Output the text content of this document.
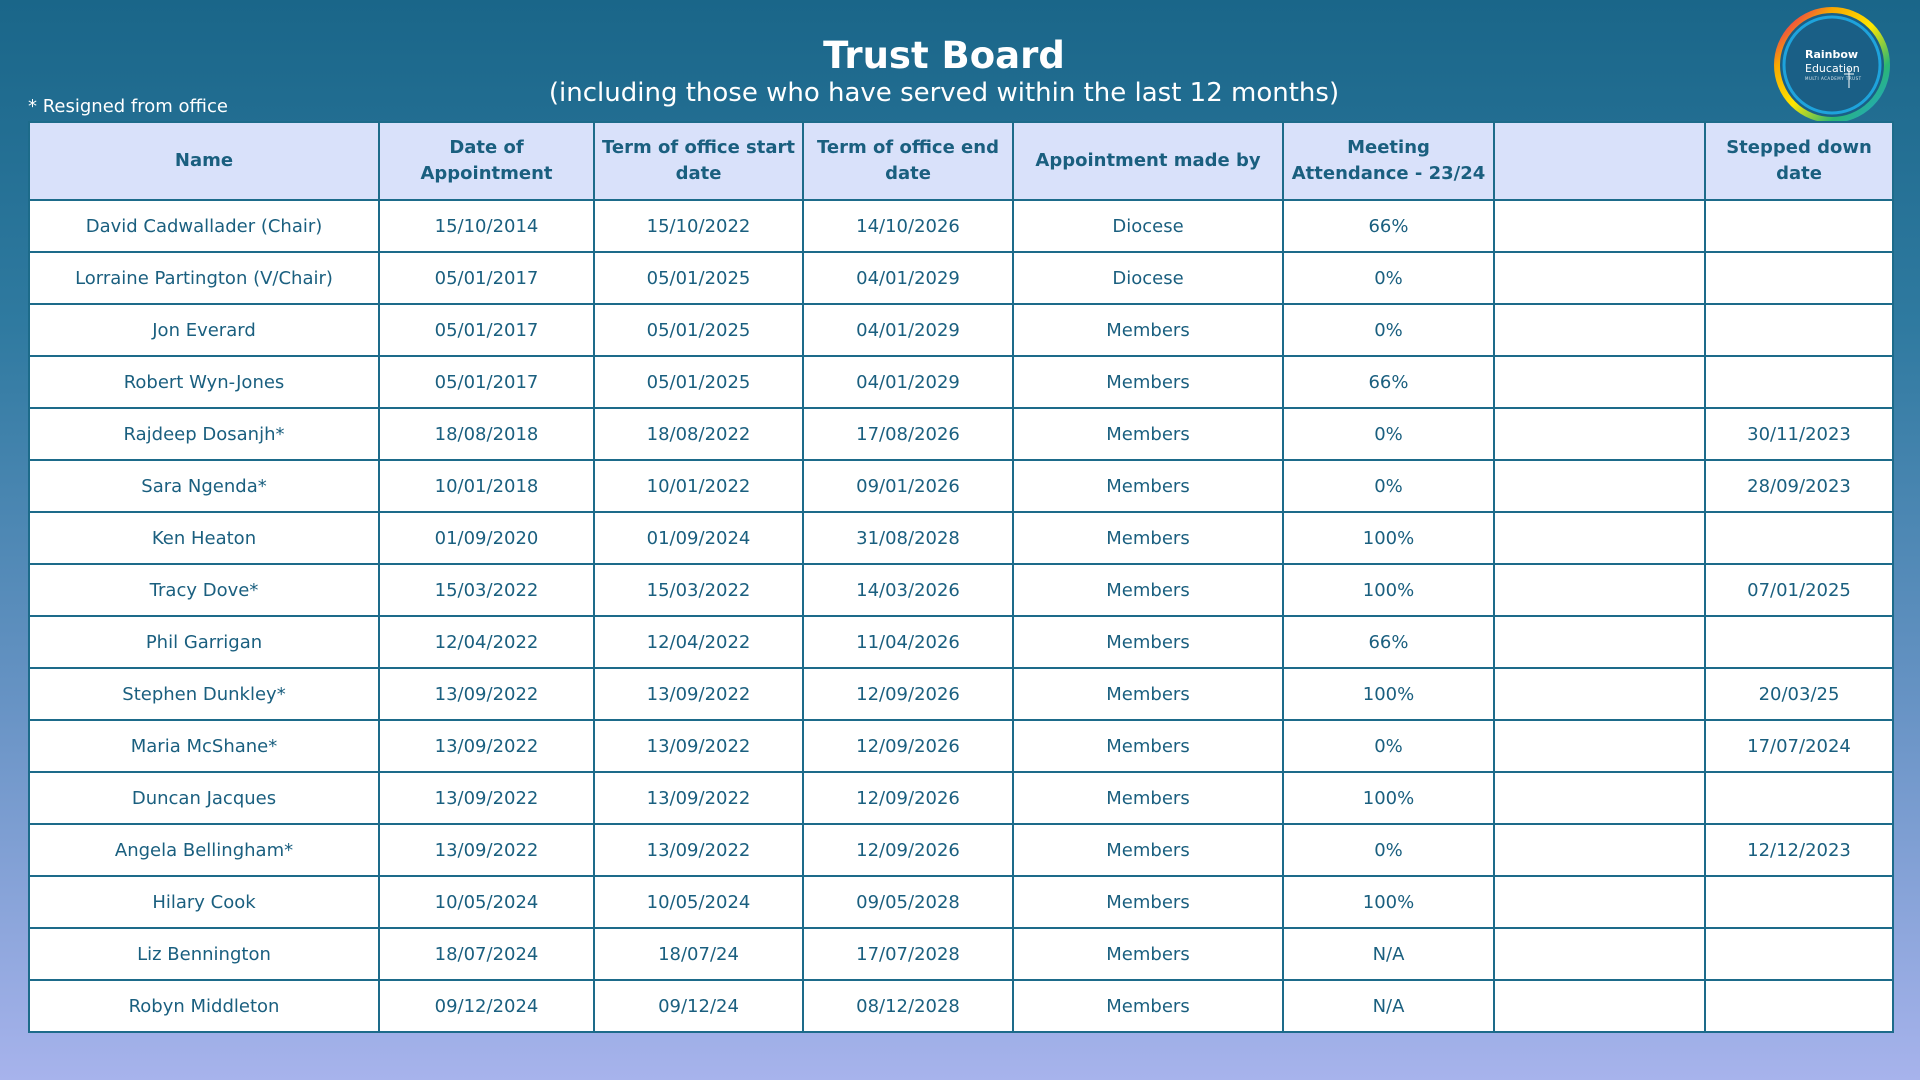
Trust Board
(including those who have served within the last 12 months)
* Resigned from office
Rainbow
Education
MULTI ACADEMY TRUST
Name	Date of Appointment	Term of office start date	Term of office end date	Appointment made by	Meeting Attendance - 23/24		Stepped down date
David Cadwallader (Chair)	15/10/2014	15/10/2022	14/10/2026	Diocese	66%		
Lorraine Partington (V/Chair)	05/01/2017	05/01/2025	04/01/2029	Diocese	0%		
Jon Everard	05/01/2017	05/01/2025	04/01/2029	Members	0%		
Robert Wyn-Jones	05/01/2017	05/01/2025	04/01/2029	Members	66%		
Rajdeep Dosanjh*	18/08/2018	18/08/2022	17/08/2026	Members	0%		30/11/2023
Sara Ngenda*	10/01/2018	10/01/2022	09/01/2026	Members	0%		28/09/2023
Ken Heaton	01/09/2020	01/09/2024	31/08/2028	Members	100%		
Tracy Dove*	15/03/2022	15/03/2022	14/03/2026	Members	100%		07/01/2025
Phil Garrigan	12/04/2022	12/04/2022	11/04/2026	Members	66%		
Stephen Dunkley*	13/09/2022	13/09/2022	12/09/2026	Members	100%		20/03/25
Maria McShane*	13/09/2022	13/09/2022	12/09/2026	Members	0%		17/07/2024
Duncan Jacques	13/09/2022	13/09/2022	12/09/2026	Members	100%		
Angela Bellingham*	13/09/2022	13/09/2022	12/09/2026	Members	0%		12/12/2023
Hilary Cook	10/05/2024	10/05/2024	09/05/2028	Members	100%		
Liz Bennington	18/07/2024	18/07/24	17/07/2028	Members	N/A		
Robyn Middleton	09/12/2024	09/12/24	08/12/2028	Members	N/A		
